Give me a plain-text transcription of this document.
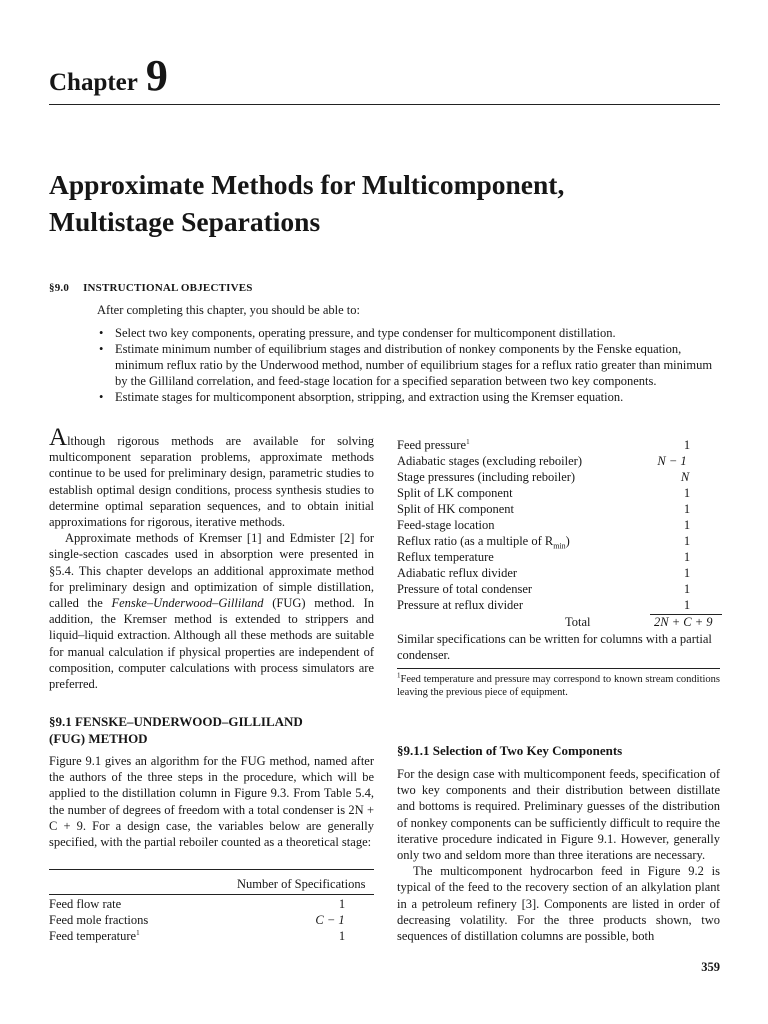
Chapter 9
Approximate Methods for Multicomponent,
Multistage Separations
§9.0 INSTRUCTIONAL OBJECTIVES
After completing this chapter, you should be able to:
• Select two key components, operating pressure, and type condenser for multicomponent distillation.
• Estimate minimum number of equilibrium stages and distribution of nonkey components by the Fenske equation, minimum reflux ratio by the Underwood method, number of equilibrium stages for a reflux ratio greater than minimum by the Gilliland correlation, and feed-stage location for a specified separation between two key components.
• Estimate stages for multicomponent absorption, stripping, and extraction using the Kremser equation.

Although rigorous methods are available for solving multicomponent separation problems, approximate methods continue to be used for preliminary design, parametric studies to establish optimal design conditions, process synthesis studies to determine optimal separation sequences, and to obtain initial approximations for rigorous, iterative methods.

Approximate methods of Kremser [1] and Edmister [2] for single-section cascades used in absorption were presented in §5.4. This chapter develops an additional approximate method for preliminary design and optimization of simple distillation, called the Fenske–Underwood–Gilliland (FUG) method. In addition, the Kremser method is extended to strippers and liquid–liquid extraction. Although all these methods are suitable for manual calculation if physical properties are independent of composition, computer calculations with process simulators are preferred.

§9.1 FENSKE–UNDERWOOD–GILLILAND
(FUG) METHOD

Figure 9.1 gives an algorithm for the FUG method, named after the authors of the three steps in the procedure, which will be applied to the distillation column in Figure 9.3. From Table 5.4, the number of degrees of freedom with a total condenser is 2N + C + 9. For a design case, the variables below are generally specified, with the partial reboiler counted as a theoretical stage:

Number of Specifications
Feed flow rate	1
Feed mole fractions	C − 1
Feed temperature$^1$	1
Feed pressure$^1$	1
Adiabatic stages (excluding reboiler)	N − 1
Stage pressures (including reboiler)	N
Split of LK component	1
Split of HK component	1
Feed-stage location	1
Reflux ratio (as a multiple of $R_{min}$)	1
Reflux temperature	1
Adiabatic reflux divider	1
Pressure of total condenser	1
Pressure at reflux divider	1
Total	2N + C + 9

Similar specifications can be written for columns with a partial condenser.

$^1$Feed temperature and pressure may correspond to known stream conditions leaving the previous piece of equipment.

§9.1.1 Selection of Two Key Components

For the design case with multicomponent feeds, specification of two key components and their distribution between distillate and bottoms is required. Preliminary guesses of the distribution of nonkey components can be sufficiently difficult to require the iterative procedure indicated in Figure 9.1. However, generally only two and seldom more than three iterations are necessary.

The multicomponent hydrocarbon feed in Figure 9.2 is typical of the feed to the recovery section of an alkylation plant in a petroleum refinery [3]. Components are listed in order of decreasing volatility. For the three products shown, two sequences of distillation columns are possible, both

359
